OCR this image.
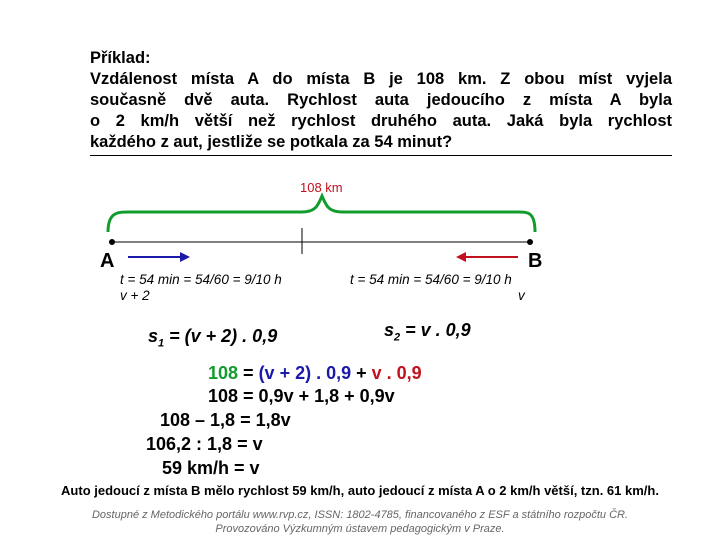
Příklad:
Vzdálenost místa A do místa B je 108 km. Z obou míst vyjela
současně dvě auta. Rychlost auta jedoucího z místa A byla
o 2 km/h větší než rychlost druhého auta. Jaká byla rychlost
každého z aut, jestliže se potkala za 54 minut?
108 km
A	B
t = 54 min = 54/60 = 9/10 h
v + 2
t = 54 min = 54/60 = 9/10 h
v
$s_1 = (v + 2)$ . 0,9	$s_2 = v$ . 0,9
108 = (v + 2) . 0,9 + v . 0,9
108 = 0,9v + 1,8 + 0,9v
108 – 1,8 = 1,8v
106,2 : 1,8 = v
59 km/h = v
Auto jedoucí z místa B mělo rychlost 59 km/h, auto jedoucí z místa A o 2 km/h větší, tzn. 61 km/h.
Dostupné z Metodického portálu www.rvp.cz, ISSN: 1802-4785, financovaného z ESF a státního rozpočtu ČR.
Provozováno Výzkumným ústavem pedagogickým v Praze.
